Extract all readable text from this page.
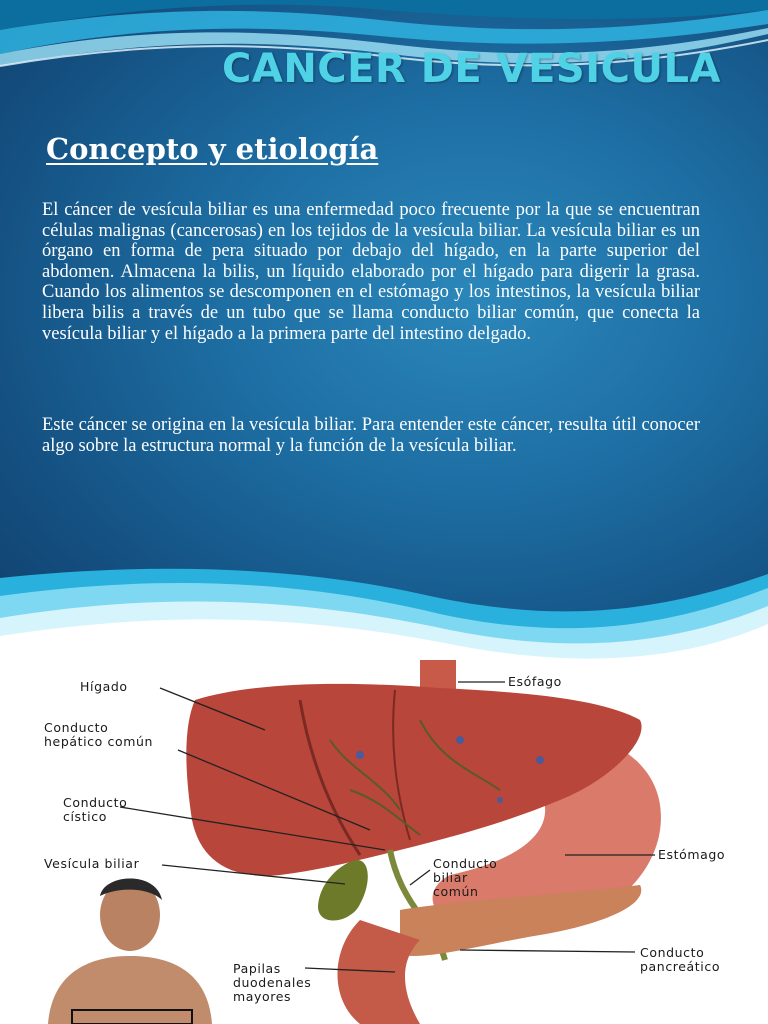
CANCER DE VESICULA
Concepto y etiología

El cáncer de vesícula biliar es una enfermedad poco frecuente por la que se encuentran células malignas (cancerosas) en los tejidos de la vesícula biliar. La vesícula biliar es un órgano en forma de pera situado por debajo del hígado, en la parte superior del abdomen. Almacena la bilis, un líquido elaborado por el hígado para digerir la grasa. Cuando los alimentos se descomponen en el estómago y los intestinos, la vesícula biliar libera bilis a través de un tubo que se llama conducto biliar común, que conecta la vesícula biliar y el hígado a la primera parte del intestino delgado.

Este cáncer se origina en la vesícula biliar. Para entender este cáncer, resulta útil conocer algo sobre la estructura normal y la función de la vesícula biliar.

Hígado

Conducto
hepático común

Conducto
cístico

Vesícula biliar

Esófago

Estómago

Conducto
biliar
común

Conducto
pancreático

Papilas
duodenales
mayores
